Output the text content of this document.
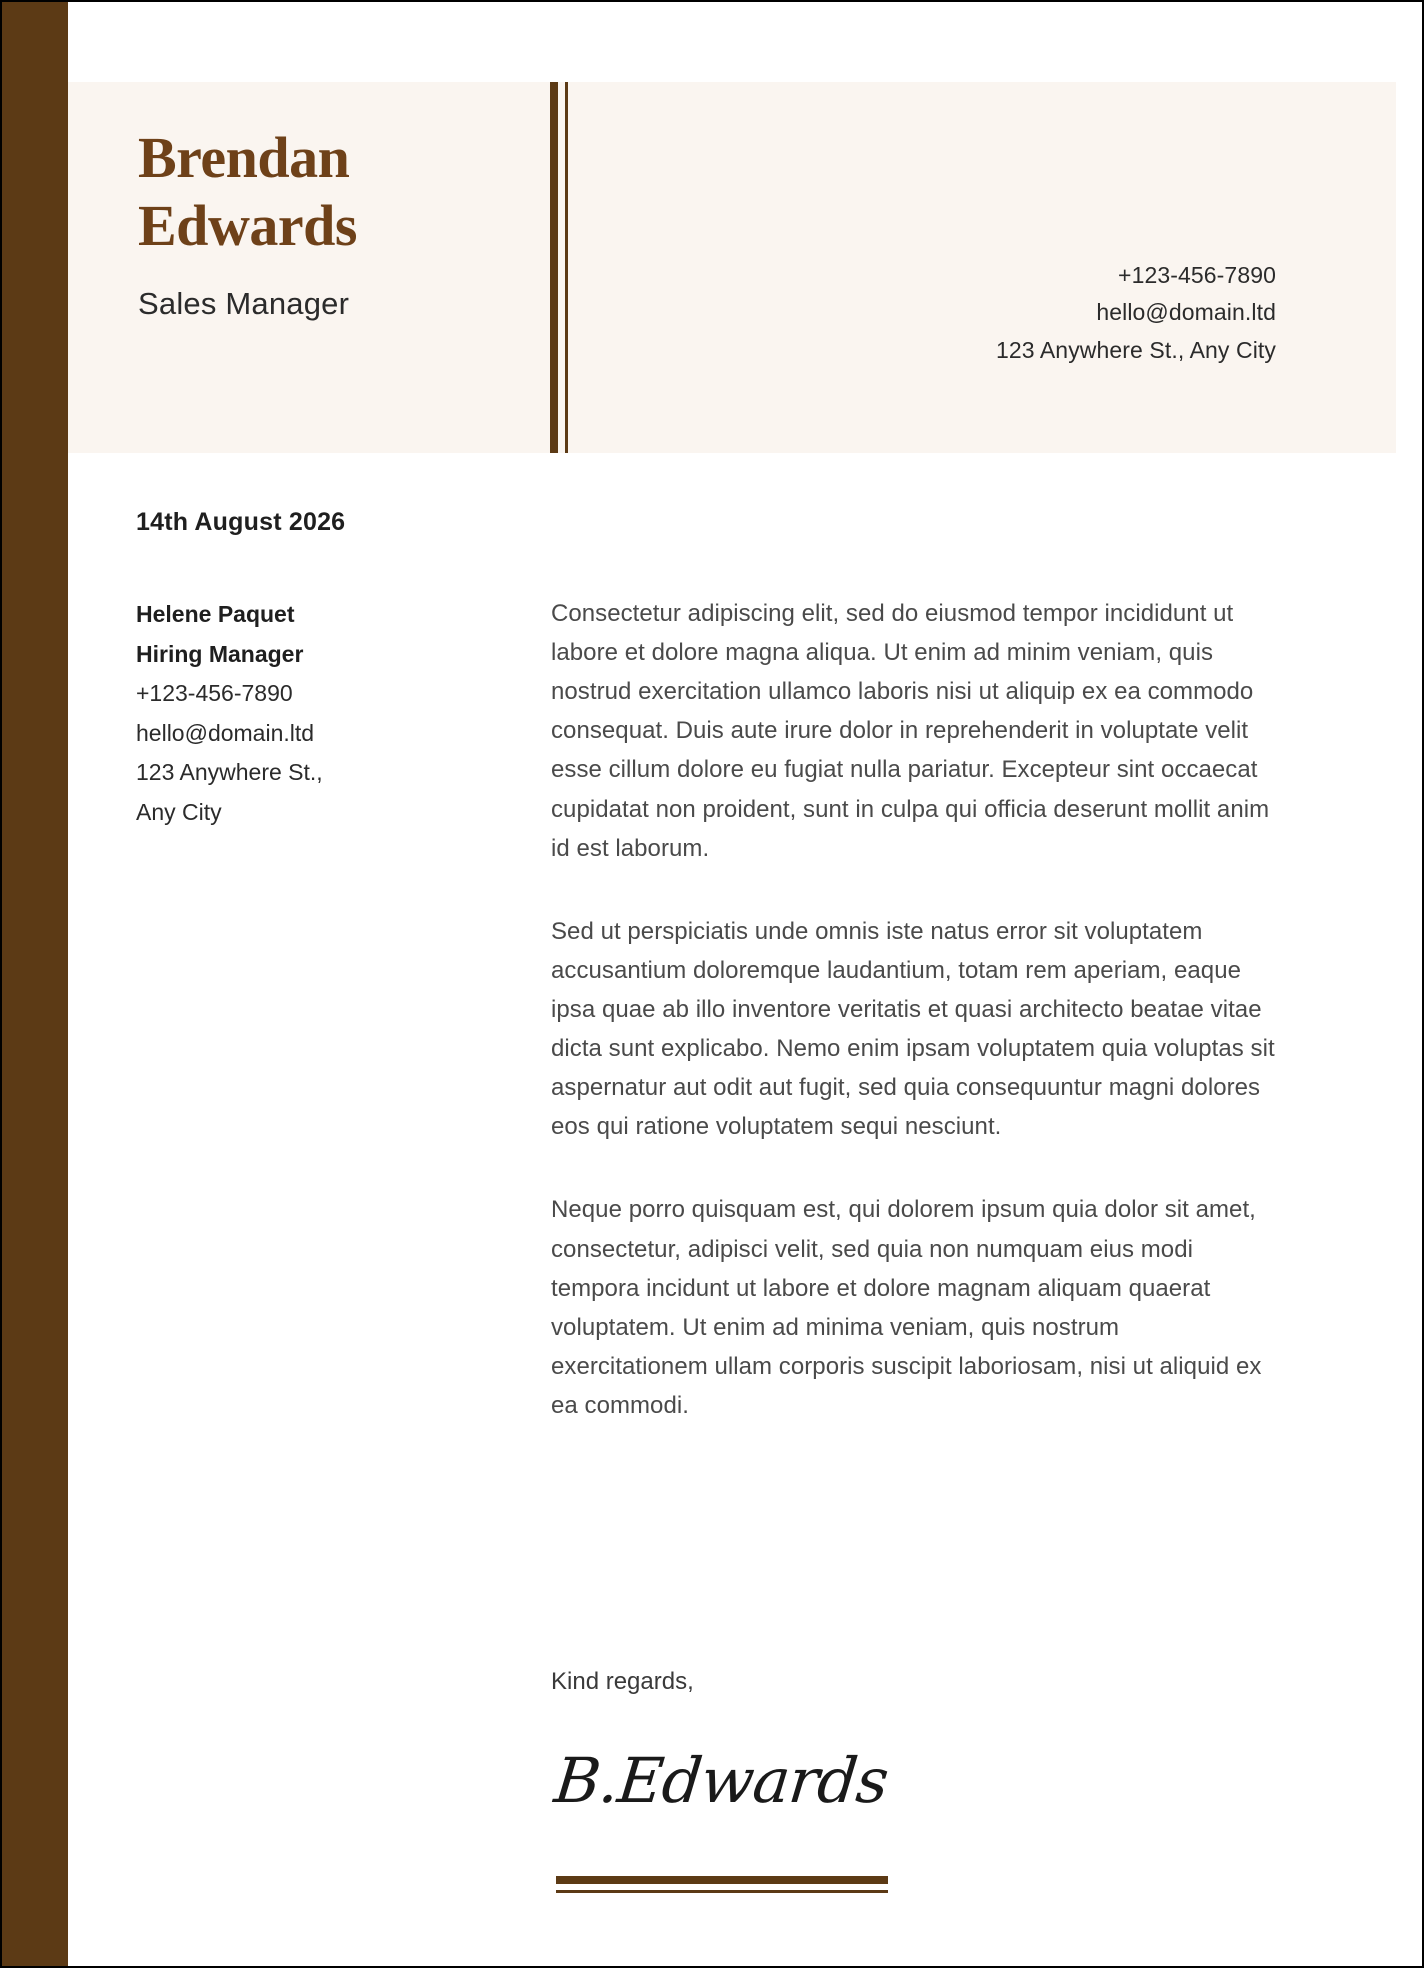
Brendan
Edwards
Sales Manager
+123-456-7890
hello@domain.ltd
123 Anywhere St., Any City
14th August 2026
Helene Paquet
Hiring Manager
+123-456-7890
hello@domain.ltd
123 Anywhere St.,
Any City

Consectetur adipiscing elit, sed do eiusmod tempor incididunt ut labore et dolore magna aliqua. Ut enim ad minim veniam, quis nostrud exercitation ullamco laboris nisi ut aliquip ex ea commodo consequat. Duis aute irure dolor in reprehenderit in voluptate velit esse cillum dolore eu fugiat nulla pariatur. Excepteur sint occaecat cupidatat non proident, sunt in culpa qui officia deserunt mollit anim id est laborum.

Sed ut perspiciatis unde omnis iste natus error sit voluptatem accusantium doloremque laudantium, totam rem aperiam, eaque ipsa quae ab illo inventore veritatis et quasi architecto beatae vitae dicta sunt explicabo. Nemo enim ipsam voluptatem quia voluptas sit aspernatur aut odit aut fugit, sed quia consequuntur magni dolores eos qui ratione voluptatem sequi nesciunt.

Neque porro quisquam est, qui dolorem ipsum quia dolor sit amet, consectetur, adipisci velit, sed quia non numquam eius modi tempora incidunt ut labore et dolore magnam aliquam quaerat voluptatem. Ut enim ad minima veniam, quis nostrum exercitationem ullam corporis suscipit laboriosam, nisi ut aliquid ex ea commodi.

Kind regards,
B.Edwards
